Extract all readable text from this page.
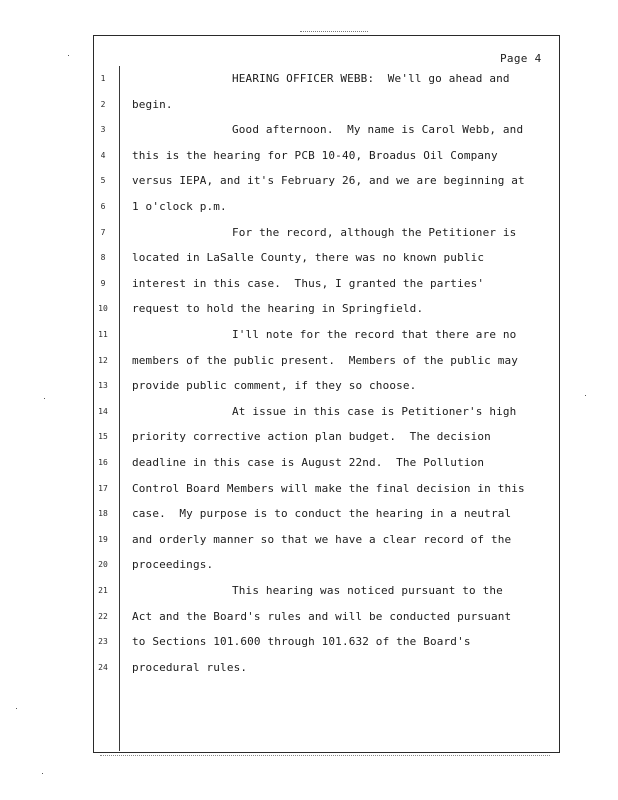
Page 4
1	HEARING OFFICER WEBB:  We'll go ahead and
2	begin.
3	Good afternoon.  My name is Carol Webb, and
4	this is the hearing for PCB 10-40, Broadus Oil Company
5	versus IEPA, and it's February 26, and we are beginning at
6	1 o'clock p.m.
7	For the record, although the Petitioner is
8	located in LaSalle County, there was no known public
9	interest in this case.  Thus, I granted the parties'
10	request to hold the hearing in Springfield.
11	I'll note for the record that there are no
12	members of the public present.  Members of the public may
13	provide public comment, if they so choose.
14	At issue in this case is Petitioner's high
15	priority corrective action plan budget.  The decision
16	deadline in this case is August 22nd.  The Pollution
17	Control Board Members will make the final decision in this
18	case.  My purpose is to conduct the hearing in a neutral
19	and orderly manner so that we have a clear record of the
20	proceedings.
21	This hearing was noticed pursuant to the
22	Act and the Board's rules and will be conducted pursuant
23	to Sections 101.600 through 101.632 of the Board's
24	procedural rules.
